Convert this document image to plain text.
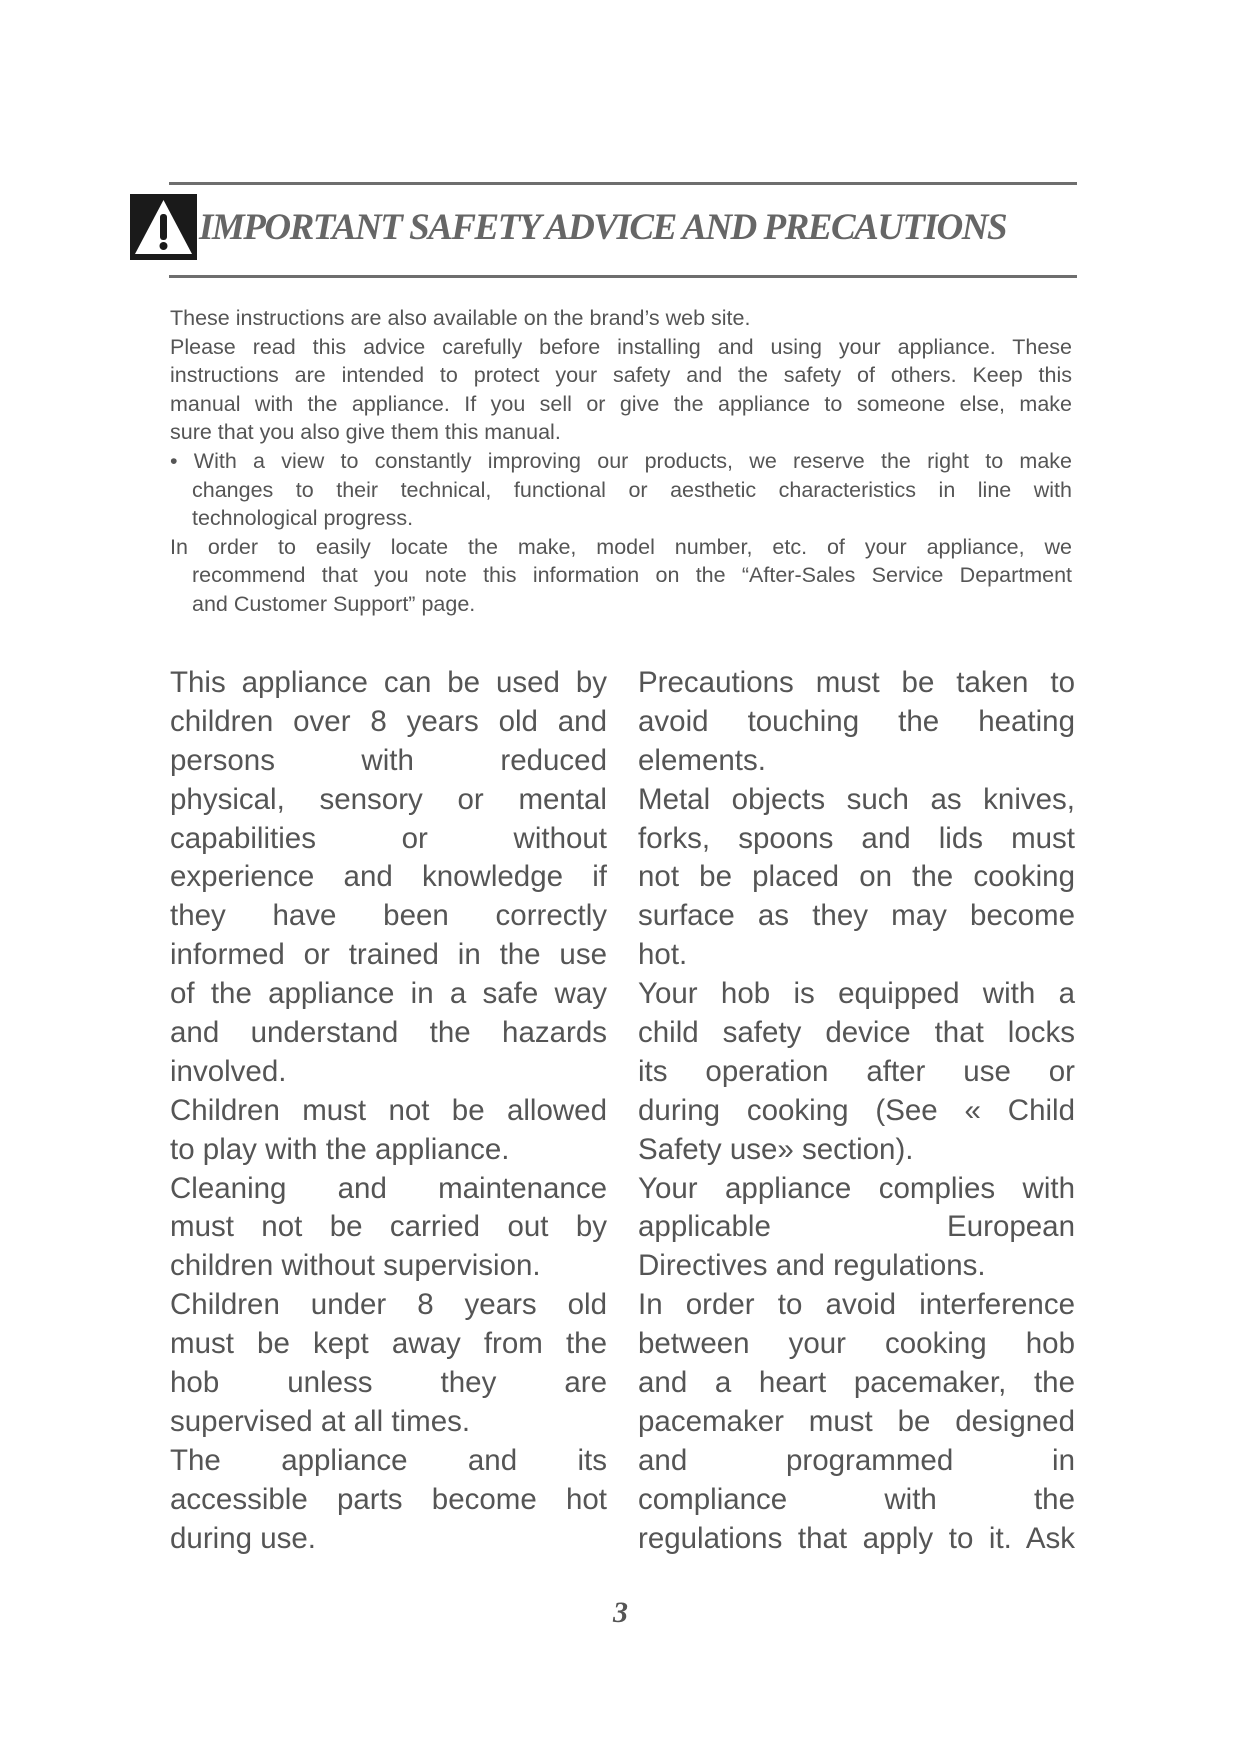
IMPORTANT SAFETY ADVICE AND PRECAUTIONS
These instructions are also available on the brand’s web site.
Please read this advice carefully before installing and using your appliance. These
instructions are intended to protect your safety and the safety of others. Keep this
manual with the appliance. If you sell or give the appliance to someone else, make
sure that you also give them this manual.
• With a view to constantly improving our products, we reserve the right to make
changes to their technical, functional or aesthetic characteristics in line with
technological progress.
In order to easily locate the make, model number, etc. of your appliance, we
recommend that you note this information on the “After-Sales Service Department
and Customer Support” page.
This appliance can be used by
children over 8 years old and
persons with reduced
physical, sensory or mental
capabilities or without
experience and knowledge if
they have been correctly
informed or trained in the use
of the appliance in a safe way
and understand the hazards
involved.
Children must not be allowed
to play with the appliance.
Cleaning and maintenance
must not be carried out by
children without supervision.
Children under 8 years old
must be kept away from the
hob unless they are
supervised at all times.
The appliance and its
accessible parts become hot
during use.
Precautions must be taken to
avoid touching the heating
elements.
Metal objects such as knives,
forks, spoons and lids must
not be placed on the cooking
surface as they may become
hot.
Your hob is equipped with a
child safety device that locks
its operation after use or
during cooking (See « Child
Safety use» section).
Your appliance complies with
applicable European
Directives and regulations.
In order to avoid interference
between your cooking hob
and a heart pacemaker, the
pacemaker must be designed
and programmed in
compliance with the
regulations that apply to it. Ask
3
